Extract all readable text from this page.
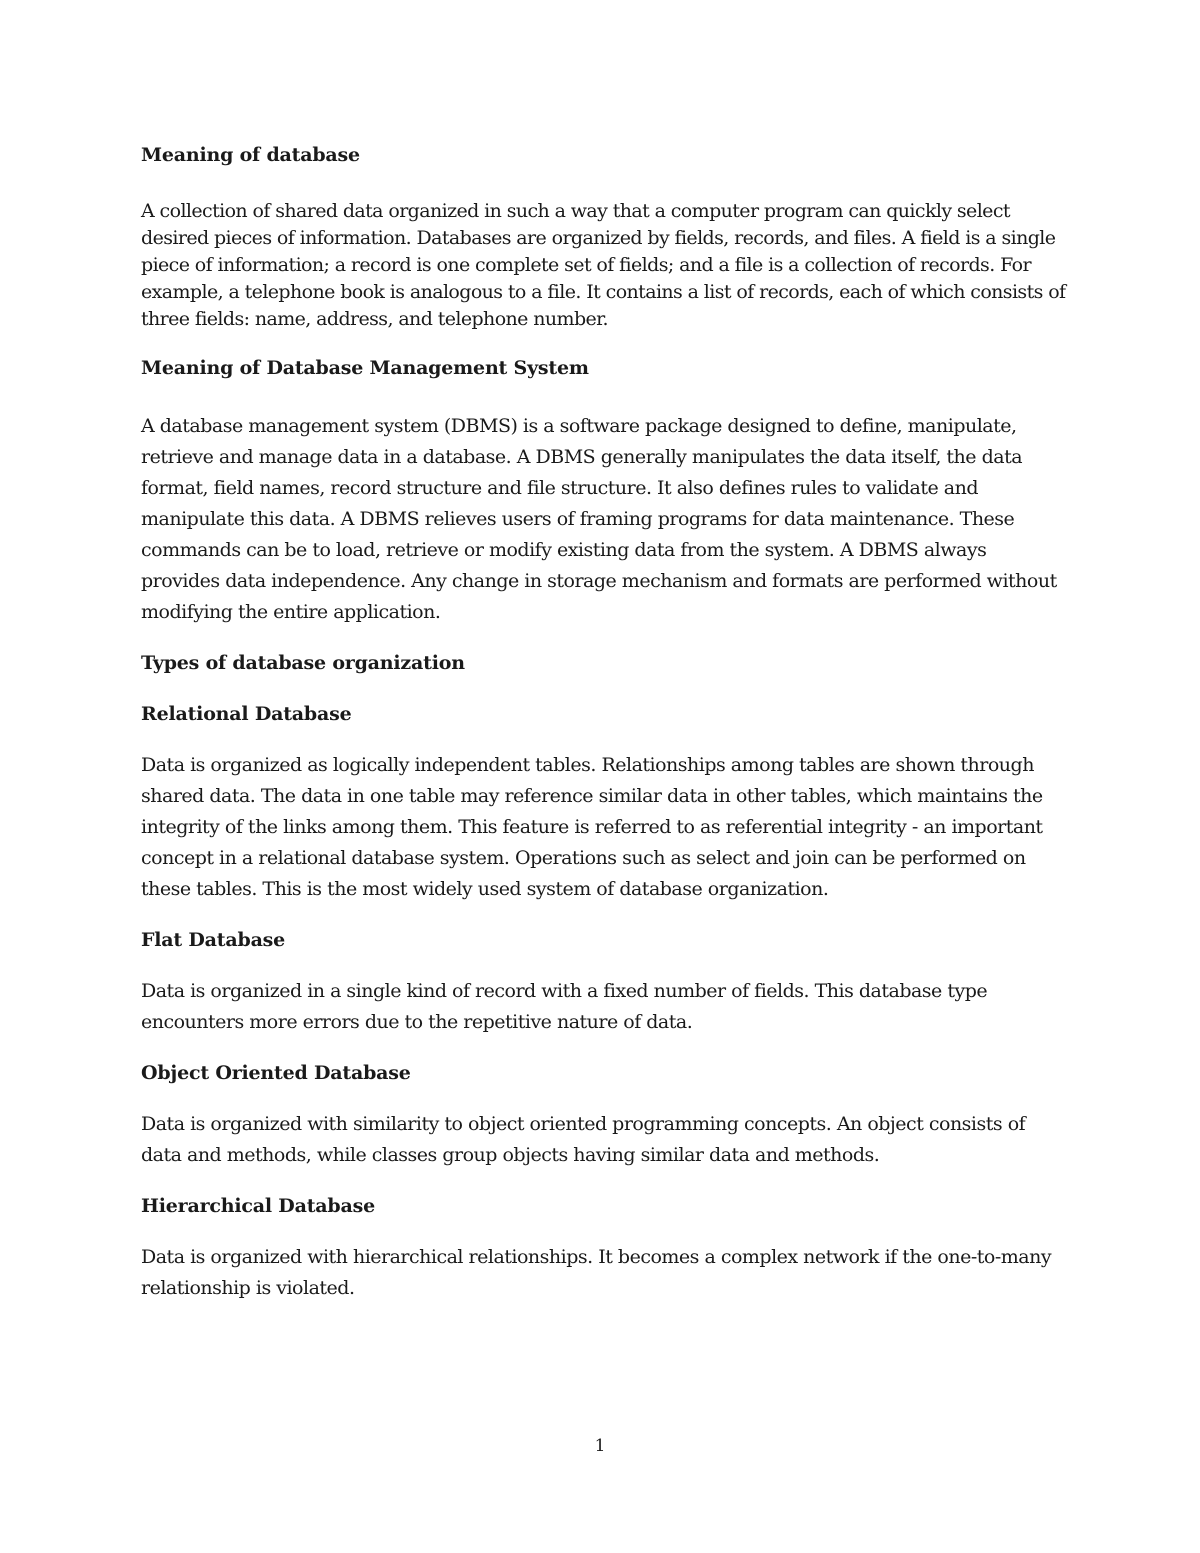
Meaning of database
A collection of shared data organized in such a way that a computer program can quickly select desired pieces of information. Databases are organized by fields, records, and files. A field is a single piece of information; a record is one complete set of fields; and a file is a collection of records. For example, a telephone book is analogous to a file. It contains a list of records, each of which consists of three fields: name, address, and telephone number.
Meaning of Database Management System
A database management system (DBMS) is a software package designed to define, manipulate, retrieve and manage data in a database. A DBMS generally manipulates the data itself, the data format, field names, record structure and file structure. It also defines rules to validate and manipulate this data. A DBMS relieves users of framing programs for data maintenance. These commands can be to load, retrieve or modify existing data from the system. A DBMS always provides data independence. Any change in storage mechanism and formats are performed without modifying the entire application.
Types of database organization
Relational Database
Data is organized as logically independent tables. Relationships among tables are shown through shared data. The data in one table may reference similar data in other tables, which maintains the integrity of the links among them. This feature is referred to as referential integrity - an important concept in a relational database system. Operations such as select and join can be performed on these tables. This is the most widely used system of database organization.
Flat Database
Data is organized in a single kind of record with a fixed number of fields. This database type encounters more errors due to the repetitive nature of data.
Object Oriented Database
Data is organized with similarity to object oriented programming concepts. An object consists of data and methods, while classes group objects having similar data and methods.
Hierarchical Database
Data is organized with hierarchical relationships. It becomes a complex network if the one-to-many relationship is violated.
1
